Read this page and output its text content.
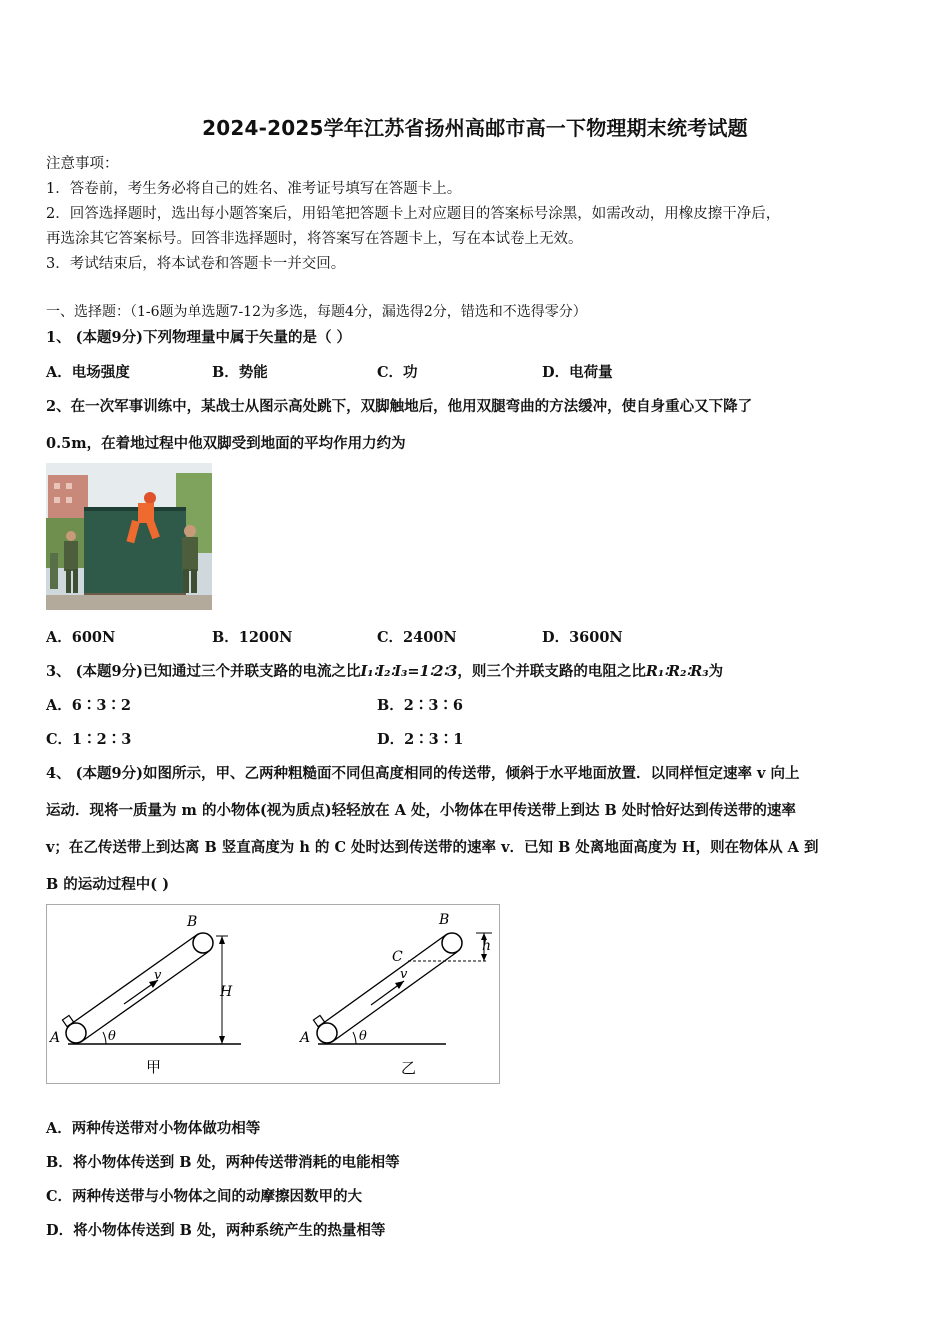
2024-2025学年江苏省扬州高邮市高一下物理期末统考试题
注意事项：
1．答卷前，考生务必将自己的姓名、准考证号填写在答题卡上。
2．回答选择题时，选出每小题答案后，用铅笔把答题卡上对应题目的答案标号涂黑，如需改动，用橡皮擦干净后，
再选涂其它答案标号。回答非选择题时，将答案写在答题卡上，写在本试卷上无效。
3．考试结束后，将本试卷和答题卡一并交回。
一、选择题：（1-6题为单选题7-12为多选，每题4分，漏选得2分，错选和不选得零分）
1、 (本题9分)下列物理量中属于矢量的是（ ）
A．电场强度	B．势能	C．功	D．电荷量
2、在一次军事训练中，某战士从图示高处跳下，双脚触地后，他用双腿弯曲的方法缓冲，使自身重心又下降了
0.5m，在着地过程中他双脚受到地面的平均作用力约为
A．600N	B．1200N	C．2400N	D．3600N
3、 (本题9分)已知通过三个并联支路的电流之比I₁∶I₂∶I₃=1∶2∶3，则三个并联支路的电阻之比R₁∶R₂∶R₃为
A．6∶3∶2	B．2∶3∶6
C．1∶2∶3	D．2∶3∶1
4、 (本题9分)如图所示，甲、乙两种粗糙面不同但高度相同的传送带，倾斜于水平地面放置．以同样恒定速率 v 向上
运动．现将一质量为 m 的小物体(视为质点)轻轻放在 A 处，小物体在甲传送带上到达 B 处时恰好达到传送带的速率
v；在乙传送带上到达离 B 竖直高度为 h 的 C 处时达到传送带的速率 v．已知 B 处离地面高度为 H，则在物体从 A 到
B 的运动过程中( )
A
B
v
H
θ
甲
A
B
C
v
h
θ
乙
A．两种传送带对小物体做功相等
B．将小物体传送到 B 处，两种传送带消耗的电能相等
C．两种传送带与小物体之间的动摩擦因数甲的大
D．将小物体传送到 B 处，两种系统产生的热量相等
